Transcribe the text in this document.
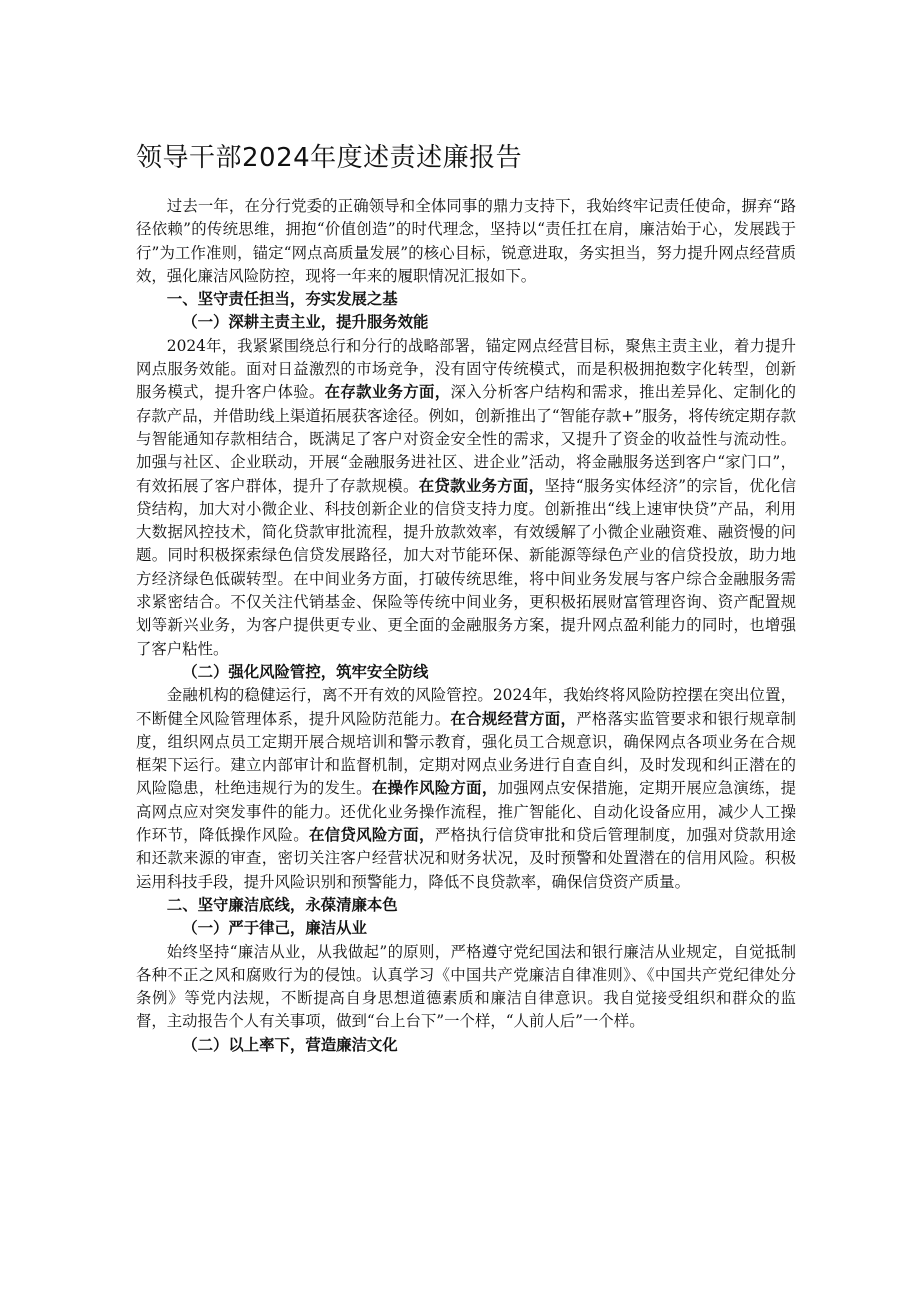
领导干部2024年度述责述廉报告

过去一年，在分行党委的正确领导和全体同事的鼎力支持下，我始终牢记责任使命，摒弃“路径依赖”的传统思维，拥抱“价值创造”的时代理念，坚持以“责任扛在肩，廉洁始于心，发展践于行”为工作准则，锚定“网点高质量发展”的核心目标，锐意进取，务实担当，努力提升网点经营质效，强化廉洁风险防控，现将一年来的履职情况汇报如下。

一、坚守责任担当，夯实发展之基

（一）深耕主责主业，提升服务效能

2024年，我紧紧围绕总行和分行的战略部署，锚定网点经营目标，聚焦主责主业，着力提升网点服务效能。面对日益激烈的市场竞争，没有固守传统模式，而是积极拥抱数字化转型，创新服务模式，提升客户体验。在存款业务方面，深入分析客户结构和需求，推出差异化、定制化的存款产品，并借助线上渠道拓展获客途径。例如，创新推出了“智能存款+”服务，将传统定期存款与智能通知存款相结合，既满足了客户对资金安全性的需求，又提升了资金的收益性与流动性。加强与社区、企业联动，开展“金融服务进社区、进企业”活动，将金融服务送到客户“家门口”，有效拓展了客户群体，提升了存款规模。在贷款业务方面，坚持“服务实体经济”的宗旨，优化信贷结构，加大对小微企业、科技创新企业的信贷支持力度。创新推出“线上速审快贷”产品，利用大数据风控技术，简化贷款审批流程，提升放款效率，有效缓解了小微企业融资难、融资慢的问题。同时积极探索绿色信贷发展路径，加大对节能环保、新能源等绿色产业的信贷投放，助力地方经济绿色低碳转型。在中间业务方面，打破传统思维，将中间业务发展与客户综合金融服务需求紧密结合。不仅关注代销基金、保险等传统中间业务，更积极拓展财富管理咨询、资产配置规划等新兴业务，为客户提供更专业、更全面的金融服务方案，提升网点盈利能力的同时，也增强了客户粘性。

（二）强化风险管控，筑牢安全防线

金融机构的稳健运行，离不开有效的风险管控。2024年，我始终将风险防控摆在突出位置，不断健全风险管理体系，提升风险防范能力。在合规经营方面，严格落实监管要求和银行规章制度，组织网点员工定期开展合规培训和警示教育，强化员工合规意识，确保网点各项业务在合规框架下运行。建立内部审计和监督机制，定期对网点业务进行自查自纠，及时发现和纠正潜在的风险隐患，杜绝违规行为的发生。在操作风险方面，加强网点安保措施，定期开展应急演练，提高网点应对突发事件的能力。还优化业务操作流程，推广智能化、自动化设备应用，减少人工操作环节，降低操作风险。在信贷风险方面，严格执行信贷审批和贷后管理制度，加强对贷款用途和还款来源的审查，密切关注客户经营状况和财务状况，及时预警和处置潜在的信用风险。积极运用科技手段，提升风险识别和预警能力，降低不良贷款率，确保信贷资产质量。

二、坚守廉洁底线，永葆清廉本色

（一）严于律己，廉洁从业

始终坚持“廉洁从业，从我做起”的原则，严格遵守党纪国法和银行廉洁从业规定，自觉抵制各种不正之风和腐败行为的侵蚀。认真学习《中国共产党廉洁自律准则》、《中国共产党纪律处分条例》等党内法规，不断提高自身思想道德素质和廉洁自律意识。我自觉接受组织和群众的监督，主动报告个人有关事项，做到“台上台下”一个样，“人前人后”一个样。

（二）以上率下，营造廉洁文化
